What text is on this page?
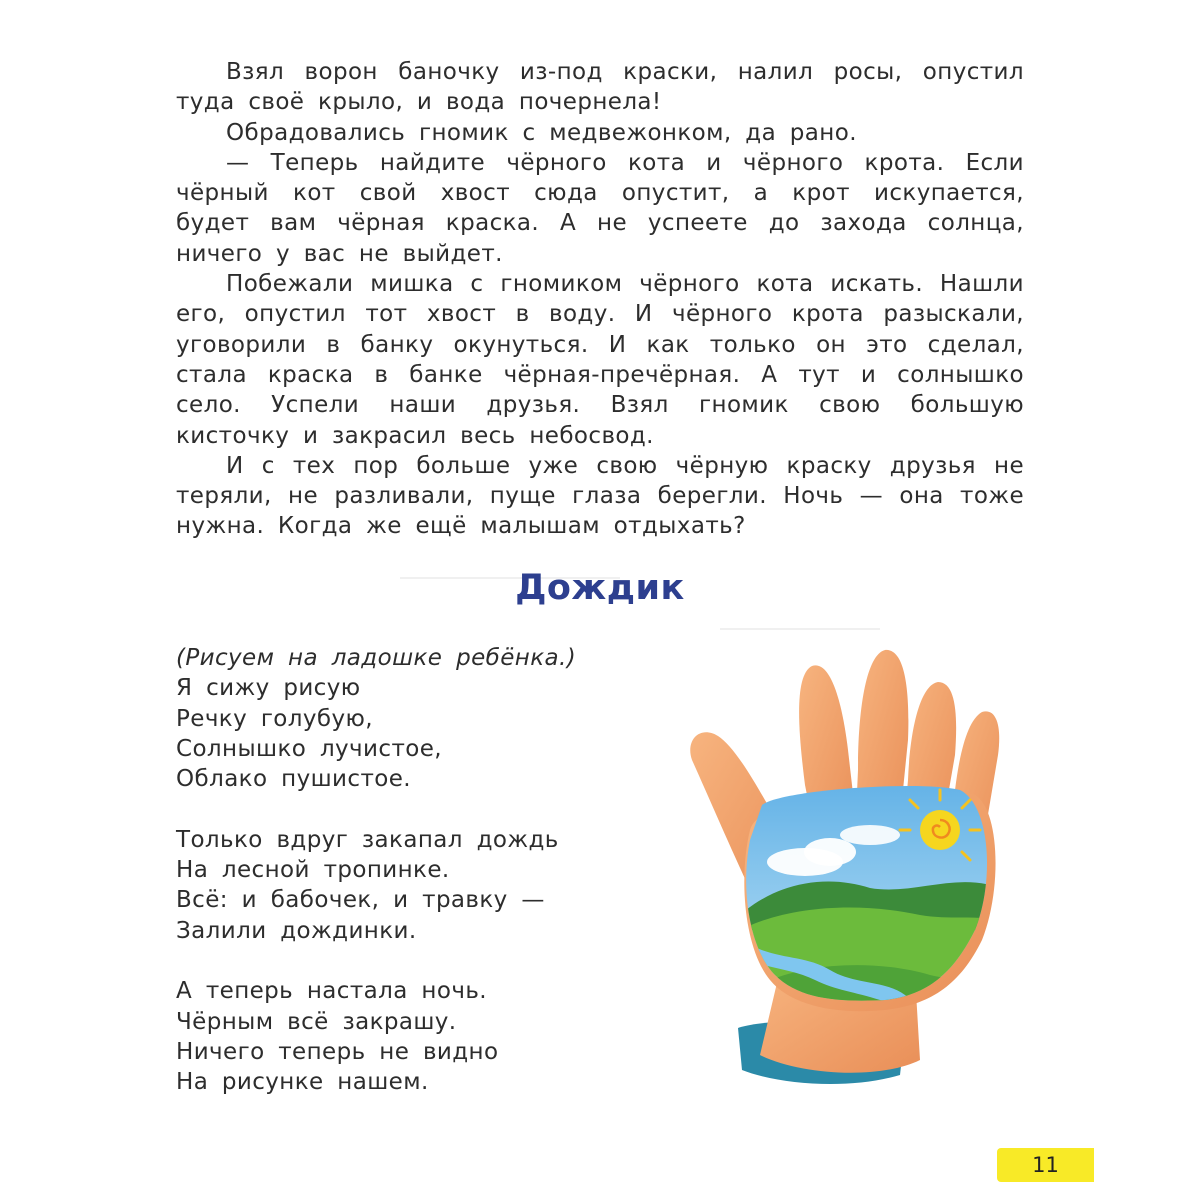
Взял ворон баночку из-под краски, налил росы, опустил туда своё крыло, и вода почернела!

Обрадовались гномик с медвежонком, да рано.

— Теперь найдите чёрного кота и чёрного крота. Если чёрный кот свой хвост сюда опустит, а крот искупается, будет вам чёрная краска. А не успеете до захода солнца, ничего у вас не выйдет.

Побежали мишка с гномиком чёрного кота искать. Нашли его, опустил тот хвост в воду. И чёрного крота разыскали, уговорили в банку окунуться. И как только он это сделал, стала краска в банке чёрная-пречёрная. А тут и солнышко село. Успели наши друзья. Взял гномик свою большую кисточку и закрасил весь небосвод.

И с тех пор больше уже свою чёрную краску друзья не теряли, не разливали, пуще глаза берегли. Ночь — она тоже нужна. Когда же ещё малышам отдыхать?

Дождик
(Рисуем на ладошке ребёнка.)
Я сижу рисую
Речку голубую,
Солнышко лучистое,
Облако пушистое.
Только вдруг закапал дождь
На лесной тропинке.
Всё: и бабочек, и травку —
Залили дождинки.
А теперь настала ночь.
Чёрным всё закрашу.
Ничего теперь не видно
На рисунке нашем.
11
